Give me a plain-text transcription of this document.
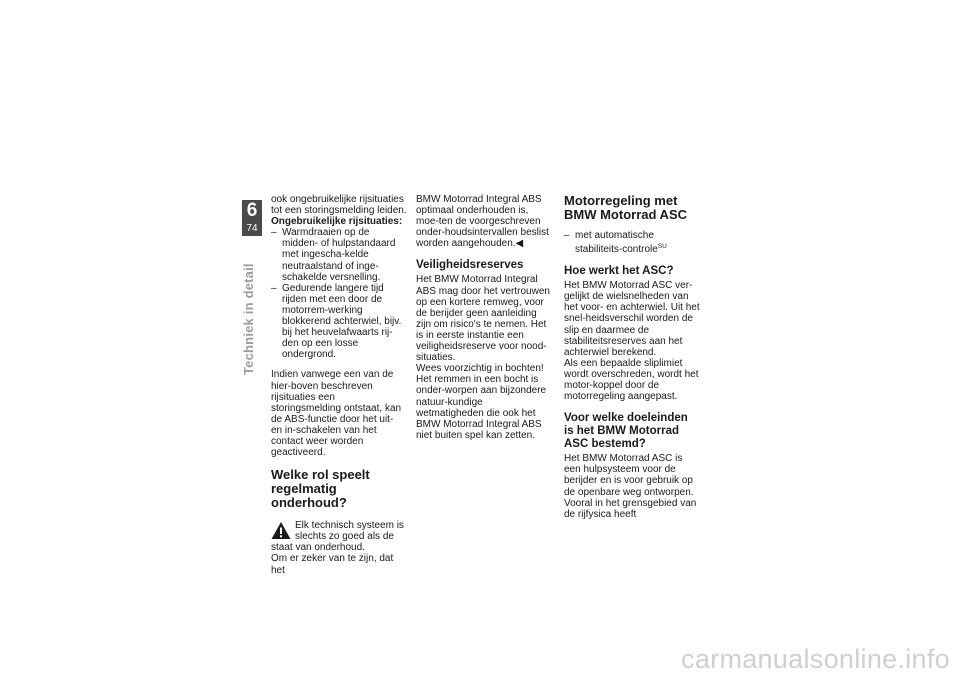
6
74
Techniek in detail

ook ongebruikelijke rijsituaties tot een storingsmelding leiden.

Ongebruikelijke rijsituaties:

– Warmdraaien op de midden- of hulpstandaard met ingescha-kelde neutraalstand of inge-schakelde versnelling.
– Gedurende langere tijd rijden met een door de motorrem-werking blokkerend achterwiel, bijv. bij het heuvelafwaarts rij-den op een losse ondergrond.

Indien vanwege een van de hier-boven beschreven rijsituaties een storingsmelding ontstaat, kan de ABS-functie door het uit- en in-schakelen van het contact weer worden geactiveerd.

Welke rol speelt regelmatig onderhoud?

Elk technisch systeem is slechts zo goed als de staat van onderhoud.

Om er zeker van te zijn, dat het

BMW Motorrad Integral ABS optimaal onderhouden is, moe-ten de voorgeschreven onder-houdsintervallen beslist worden aangehouden.◀

Veiligheidsreserves

Het BMW Motorrad Integral ABS mag door het vertrouwen op een kortere remweg, voor de berijder geen aanleiding zijn om risico's te nemen. Het is in eerste instantie een veiligheidsreserve voor nood-situaties.

Wees voorzichtig in bochten! Het remmen in een bocht is onder-worpen aan bijzondere natuur-kundige wetmatigheden die ook het BMW Motorrad Integral ABS niet buiten spel kan zetten.

Motorregeling met BMW Motorrad ASC

– met automatische stabiliteits-controle$^{SU}$

Hoe werkt het ASC?

Het BMW Motorrad ASC ver-gelijkt de wielsnelheden van het voor- en achterwiel. Uit het snel-heidsverschil worden de slip en daarmee de stabiliteitsreserves aan het achterwiel berekend.

Als een bepaalde sliplimiet wordt overschreden, wordt het motor-koppel door de motorregeling aangepast.

Voor welke doeleinden is het BMW Motorrad ASC bestemd?

Het BMW Motorrad ASC is een hulpsysteem voor de berijder en is voor gebruik op de openbare weg ontworpen. Vooral in het grensgebied van de rijfysica heeft

carmanualsonline.info
